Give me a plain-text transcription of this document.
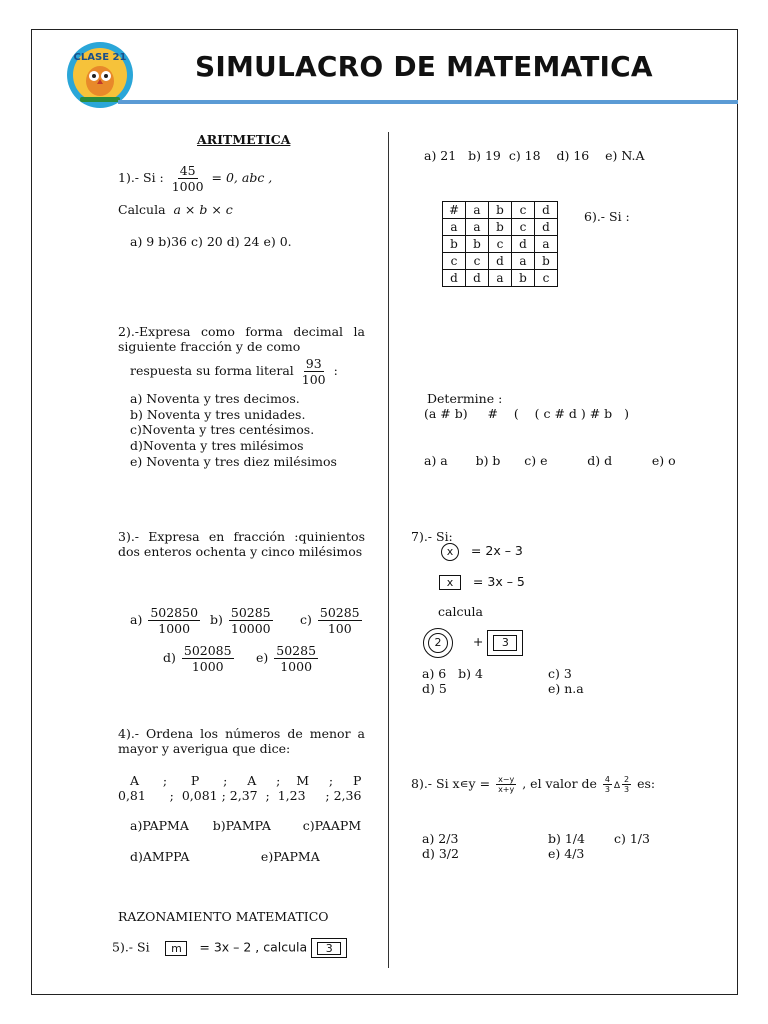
CLASE 21 SIMULACRO DE MATEMATICA
ARITMETICA
1).- Si : $\frac{45}{1000} = 0$, abc ,
Calcula a × b × c
a) 9 b)36 c) 20 d) 24 e) 0.
2).-Expresa como forma decimal la siguiente fracción y de como
respuesta su forma literal $\frac{93}{100}$ :
a) Noventa y tres decimos.
b) Noventa y tres unidades.
c)Noventa y tres centésimos.
d)Noventa y tres milésimos
e) Noventa y tres diez milésimos
3).- Expresa en fracción :quinientos dos enteros ochenta y cinco milésimos
$a) \frac{502850}{1000} b) \frac{50285}{10000} c) \frac{50285}{100}$
$d) \frac{502085}{1000} e) \frac{50285}{1000}$
4).- Ordena los números de menor a mayor y averigua que dice:
A      ;      P      ;     A     ;    M     ;     P
0,81      ;  0,081 ; 2,37  ;  1,23     ; 2,36
a)PAPMA      b)PAMPA        c)PAAPM
d)AMPPA                  e)PAPMA
RAZONAMIENTO MATEMATICO
5).- Si m = 3x – 2 , calcula	3
a) 21   b) 19  c) 18    d) 16    e) N.A
#	a	b	c	d
a	a	b	c	d
b	b	c	d	a
c	c	d	a	b
d	d	a	b	c
6).- Si :
Determine :
(a # b)     #    (    ( c # d ) # b   )
a) a       b) b      c) e          d) d          e) o
7).- Si:
x = 2x – 3
x = 3x – 5
calcula
2	+	3
a) 6   b) 4	c) 3
d) 5	e) n.a
8).- Si x∊y = $\frac{x-y}{x+y}$ , el valor de $\frac{4}{3}$ ∆ $\frac{2}{3}$ es:
a) 2/3	b) 1/4 c) 1/3
d) 3/2	e) 4/3
